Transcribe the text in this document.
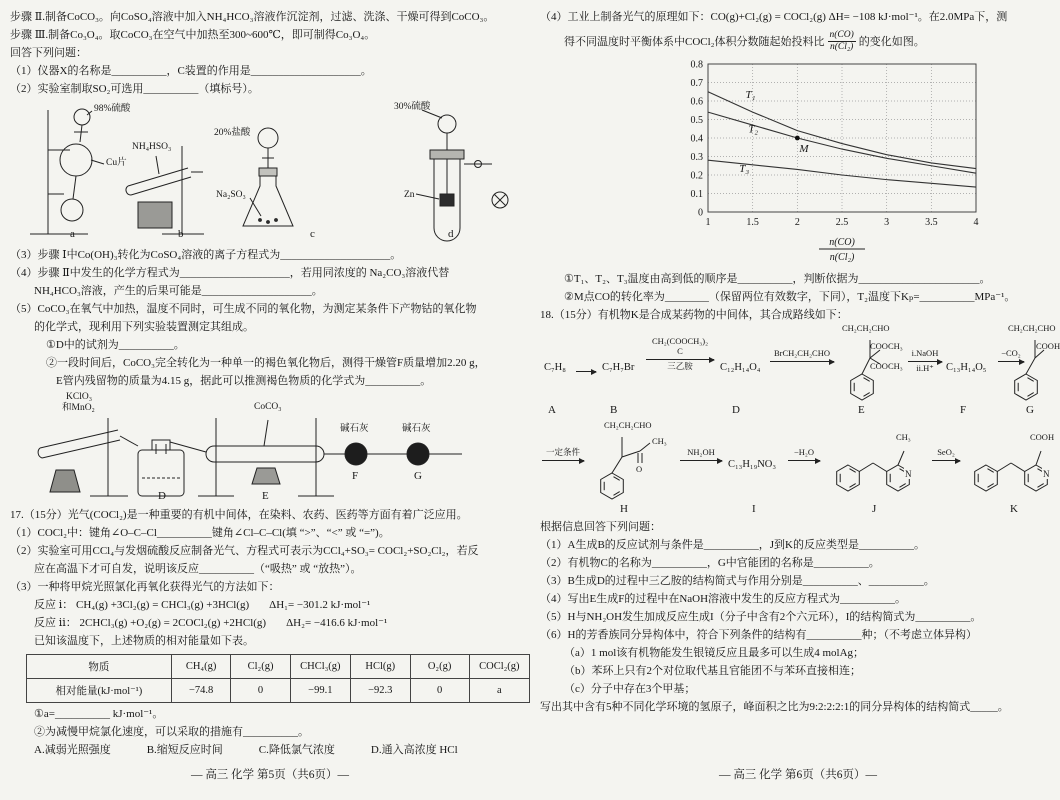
步骤 Ⅱ.制备CoCO₃。向CoSO₄溶液中加入NH₄HCO₃溶液作沉淀剂，过滤、洗涤、干燥可得到CoCO₃。
步骤 Ⅲ.制备Co₃O₄。取CoCO₃在空气中加热至300~600℃，即可制得Co₃O₄。
回答下列问题：
（1）仪器X的名称是__________，C装置的作用是____________________。
（2）实验室制取SO₂可选用__________（填标号）。
98%硫酸
Cu片
NH₄HSO₃
20%盐酸
Na₂SO₃
30%硫酸
Zn
a	b	c	d
（3）步骤 Ⅰ中Co(OH)₃转化为CoSO₄溶液的离子方程式为____________________。
（4）步骤 Ⅱ中发生的化学方程式为____________________，若用同浓度的 Na₂CO₃溶液代替
NH₄HCO₃溶液，产生的后果可能是____________________。
（5）CoCO₃在氧气中加热，温度不同时，可生成不同的氧化物，为测定某条件下产物钴的氧化物
的化学式，现利用下列实验装置测定其组成。
①D中的试剂为__________。
②一段时间后，CoCO₃完全转化为一种单一的褐色氧化物后，测得干燥管F质量增加2.20 g，
E管内残留物的质量为4.15 g，据此可以推测褐色物质的化学式为__________。
KClO₃
和MnO₂	CoCO₃
碱石灰	碱石灰
D	E
F	G
17.（15分）光气(COCl₂)是一种重要的有机中间体，在染料、农药、医药等方面有着广泛应用。
（1）COCl₂中：键角∠O–C–Cl__________键角∠Cl–C–Cl(填 “>”、“<” 或 “=”)。
（2）实验室可用CCl₄与发烟硫酸反应制备光气、方程式可表示为CCl₄+SO₃= COCl₂+SO₂Cl₂，若反
应在高温下才可自发，说明该反应__________（“吸热” 或 “放热”）。
（3）一种将甲烷光照氯化再氧化获得光气的方法如下：
反应 ⅰ： CH₄(g) +3Cl₂(g) = CHCl₃(g) +3HCl(g) ΔH₁= −301.2 kJ·mol⁻¹
反应 ⅱ： 2CHCl₃(g) +O₂(g) = 2COCl₂(g) +2HCl(g) ΔH₂= −416.6 kJ·mol⁻¹
已知该温度下，上述物质的相对能量如下表。
物质	CH₄(g)	Cl₂(g)	CHCl₃(g)	HCl(g)	O₂(g)	COCl₂(g)
相对能量(kJ·mol⁻¹)	−74.8	0	−99.1	−92.3	0	a
①a=__________ kJ·mol⁻¹。
②为减慢甲烷氯化速度，可以采取的措施有__________。
A.减弱光照强度	B.缩短反应时间	C.降低氯气浓度	D.通入高浓度 HCl
— 高三 化学 第5页（共6页）—
（4）工业上制备光气的原理如下：CO(g)+Cl₂(g) = COCl₂(g) ΔH= −108 kJ·mol⁻¹。在2.0MPa下，测
得不同温度时平衡体系中COCl₂体积分数随起始投料比 $\frac{n(CO)}{\text{n(Cl₂)}}$ 的变化如图。
1	1.5	2	2.5	3	3.5	4
0
0.1
0.2
0.3
0.4
0.5
0.6
0.7
0.8
T₁
T₂
T₃
M
n(CO)
n(Cl₂)
①T₁、T₂、T₃温度由高到低的顺序是__________，判断依据为______________________。
②M点CO的转化率为________（保留两位有效数字，下同），T₂温度下Kₚ=__________MPa⁻¹。
18.（15分）有机物K是合成某药物的中间体，其合成路线如下：
C₇H₈
→ C₇H₇Br
CH₂(COOCH₃)₂
C
三乙胺	C₁₂H₁₄O₄
BrCH₂CH₂CHO
CH₂CH₂CHO
COOCH₃
COOCH₃
i.NaOH
ii.H⁺	C₁₃H₁₄O₅
−CO₂
CH₂CH₂CHO
COOH
A	B	D	E	F	G
一定条件
CH₂CH₂CHO
CH₃
O
NH₂OH
C₁₃H₁₉NO₃
−H₂O
N
CH₃
SeO₂
N
COOH
H	I	J	K
根据信息回答下列问题：
（1）A生成B的反应试剂与条件是__________，J到K的反应类型是__________。
（2）有机物C的名称为__________，G中官能团的名称是__________。
（3）B生成D的过程中三乙胺的结构简式与作用分别是__________、__________。
（4）写出E生成F的过程中在NaOH溶液中发生的反应方程式为__________。
（5）H与NH₂OH发生加成反应生成I（分子中含有2个六元环），I的结构简式为__________。
（6）H的芳香族同分异构体中，符合下列条件的结构有__________种；（不考虑立体异构）
（a）1 mol该有机物能发生银镜反应且最多可以生成4 molAg；
（b）苯环上只有2个对位取代基且官能团不与苯环直接相连；
（c）分子中存在3个甲基；
写出其中含有5种不同化学环境的氢原子，峰面积之比为9:2:2:2:1的同分异构体的结构简式_____。
— 高三 化学 第6页（共6页）—
